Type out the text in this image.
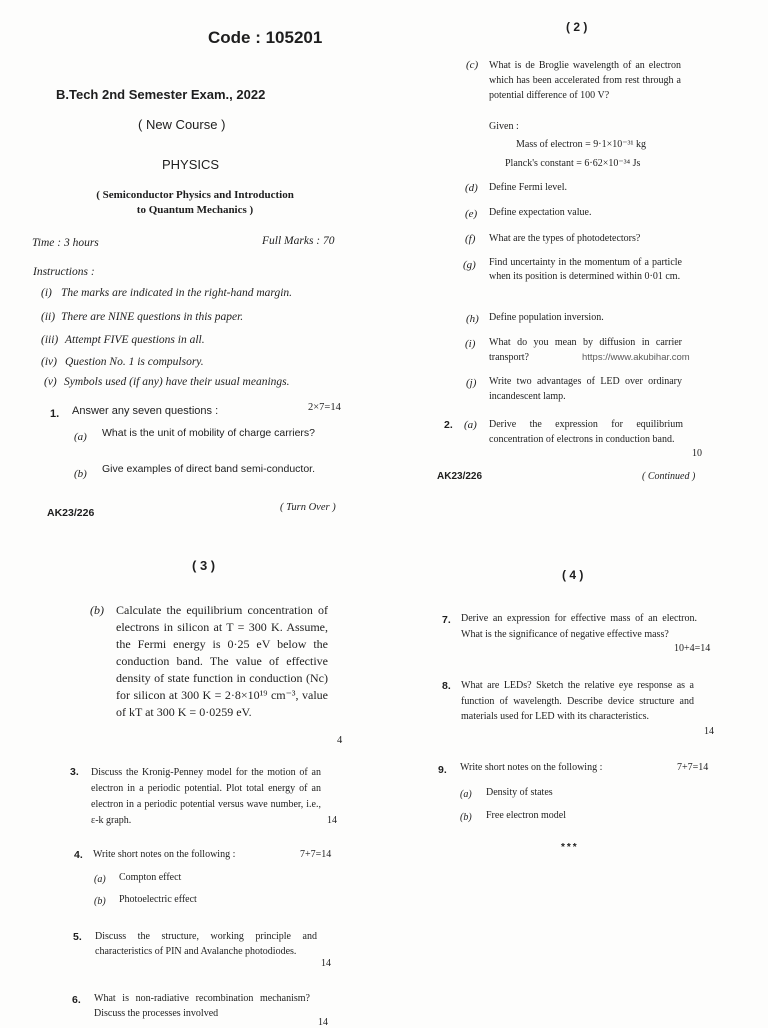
Code : 105201
B.Tech 2nd Semester Exam., 2022
( New Course )
PHYSICS
( Semiconductor Physics and Introduction
to Quantum Mechanics )
Time : 3 hours	Full Marks : 70
Instructions :
(i) The marks are indicated in the right-hand margin.
(ii) There are NINE questions in this paper.
(iii) Attempt FIVE questions in all.
(iv) Question No. 1 is compulsory.
(v) Symbols used (if any) have their usual meanings.
1. Answer any seven questions :	2×7=14
(a) What is the unit of mobility of charge carriers?
(b) Give examples of direct band semi-conductor.
AK23/226	( Turn Over )
( 2 )
(c) What is de Broglie wavelength of an electron which has been accelerated from rest through a potential difference of 100 V?
Given :
Mass of electron = 9·1×10⁻³¹ kg
Planck's constant = 6·62×10⁻³⁴ Js
(d) Define Fermi level.
(e) Define expectation value.
(f) What are the types of photodetectors?
(g) Find uncertainty in the momentum of a particle when its position is determined within 0·01 cm.
(h) Define population inversion.
(i) What do you mean by diffusion in carrier transport?	https://www.akubihar.com
(j) Write two advantages of LED over ordinary incandescent lamp.
2. (a) Derive the expression for equilibrium concentration of electrons in conduction band.
10
AK23/226	( Continued )
( 3 )
(b) Calculate the equilibrium concentration of electrons in silicon at T = 300 K. Assume, the Fermi energy is 0·25 eV below the conduction band. The value of effective density of state function in conduction (Nc) for silicon at 300 K = 2·8×10¹⁹ cm⁻³, value of kT at 300 K = 0·0259 eV.
4
3. Discuss the Kronig-Penney model for the motion of an electron in a periodic potential. Plot total energy of an electron in a periodic potential versus wave number, i.e., ε-k graph.	14
4. Write short notes on the following :	7+7=14
(a) Compton effect
(b) Photoelectric effect
5. Discuss the structure, working principle and characteristics of PIN and Avalanche photodiodes.
14
6. What is non-radiative recombination mechanism? Discuss the processes involved
14
( 4 )
7. Derive an expression for effective mass of an electron. What is the significance of negative effective mass?
10+4=14
8. What are LEDs? Sketch the relative eye response as a function of wavelength. Describe device structure and materials used for LED with its characteristics.
14
9. Write short notes on the following :	7+7=14
(a) Density of states
(b) Free electron model
***
